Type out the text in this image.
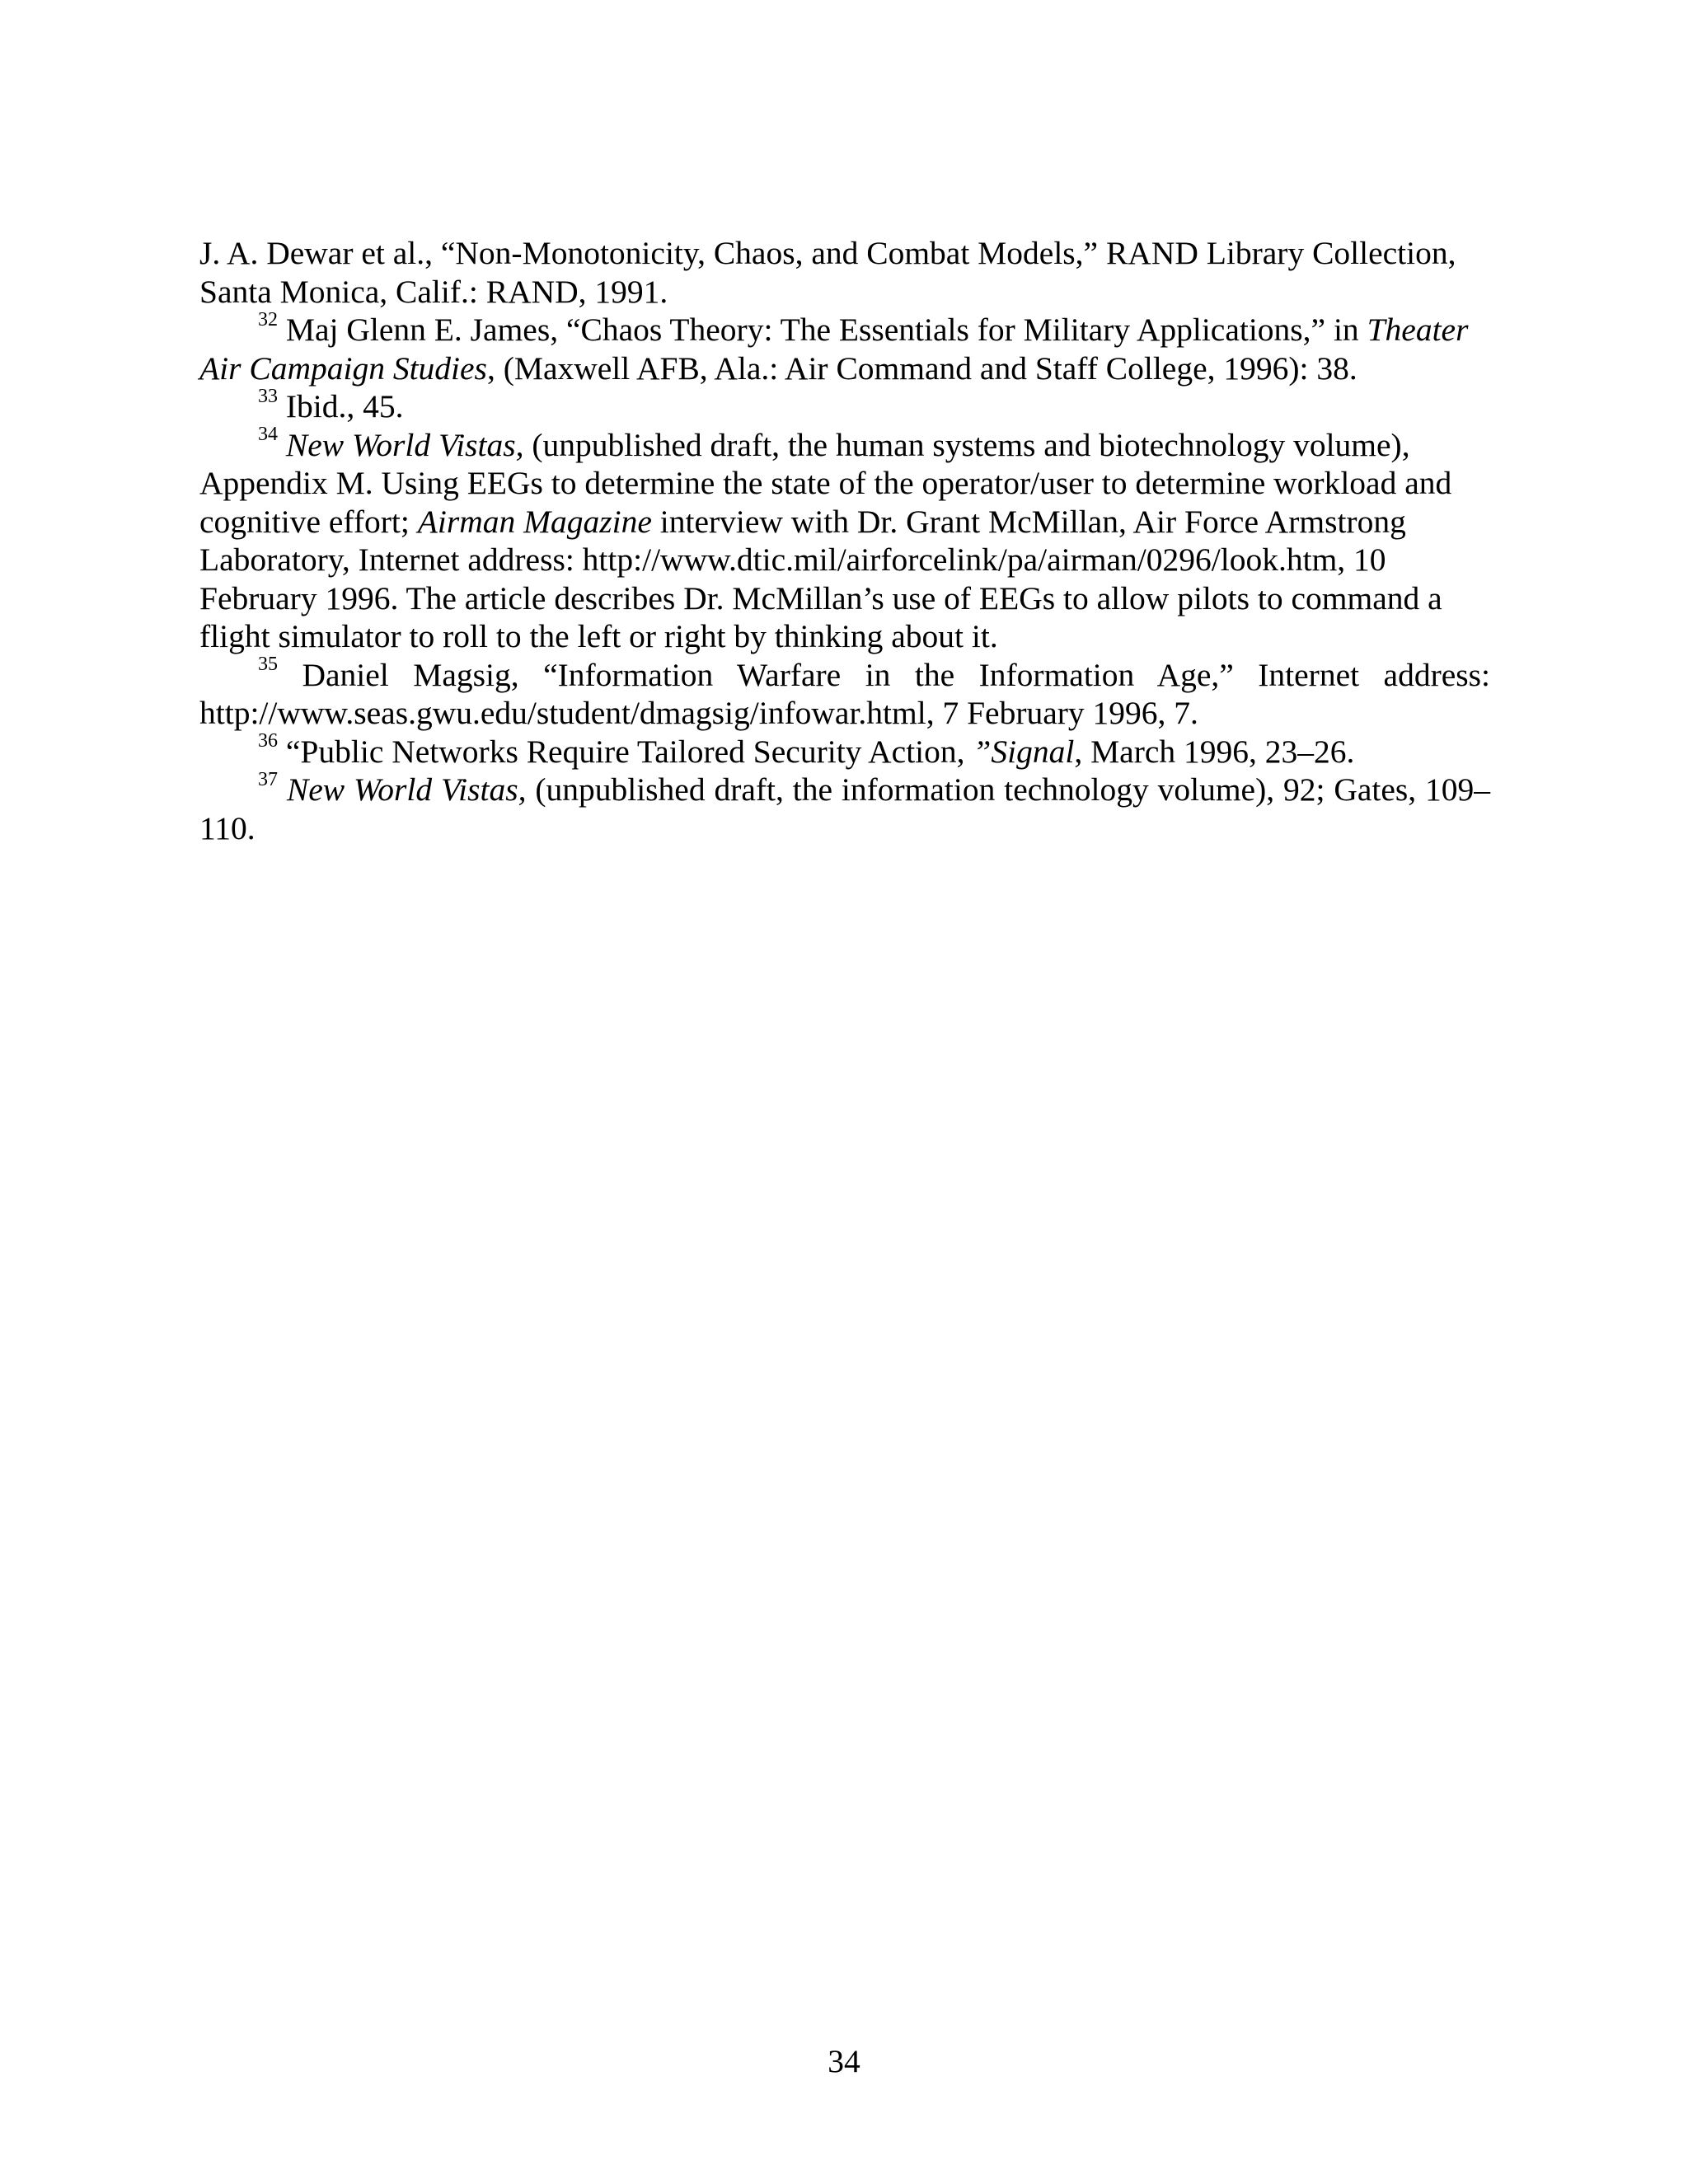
J. A. Dewar et al., “Non-Monotonicity, Chaos, and Combat Models,” RAND Library Collection, Santa Monica, Calif.: RAND, 1991.

$^{32}$ Maj Glenn E. James, “Chaos Theory: The Essentials for Military Applications,” in Theater Air Campaign Studies, (Maxwell AFB, Ala.: Air Command and Staff College, 1996): 38.

$^{33}$ Ibid., 45.

$^{34}$ New World Vistas, (unpublished draft, the human systems and biotechnology volume), Appendix M. Using EEGs to determine the state of the operator/user to determine workload and cognitive effort; Airman Magazine interview with Dr. Grant McMillan, Air Force Armstrong Laboratory, Internet address: http://www.dtic.mil/airforcelink/pa/airman/0296/look.htm, 10 February 1996. The article describes Dr. McMillan’s use of EEGs to allow pilots to command a flight simulator to roll to the left or right by thinking about it.

$^{35}$ Daniel Magsig, “Information Warfare in the Information Age,” Internet address: http://www.seas.gwu.edu/student/dmagsig/infowar.html, 7 February 1996, 7.

$^{36}$ “Public Networks Require Tailored Security Action, ”Signal, March 1996, 23–26.

$^{37}$ New World Vistas, (unpublished draft, the information technology volume), 92; Gates, 109–110.

34
